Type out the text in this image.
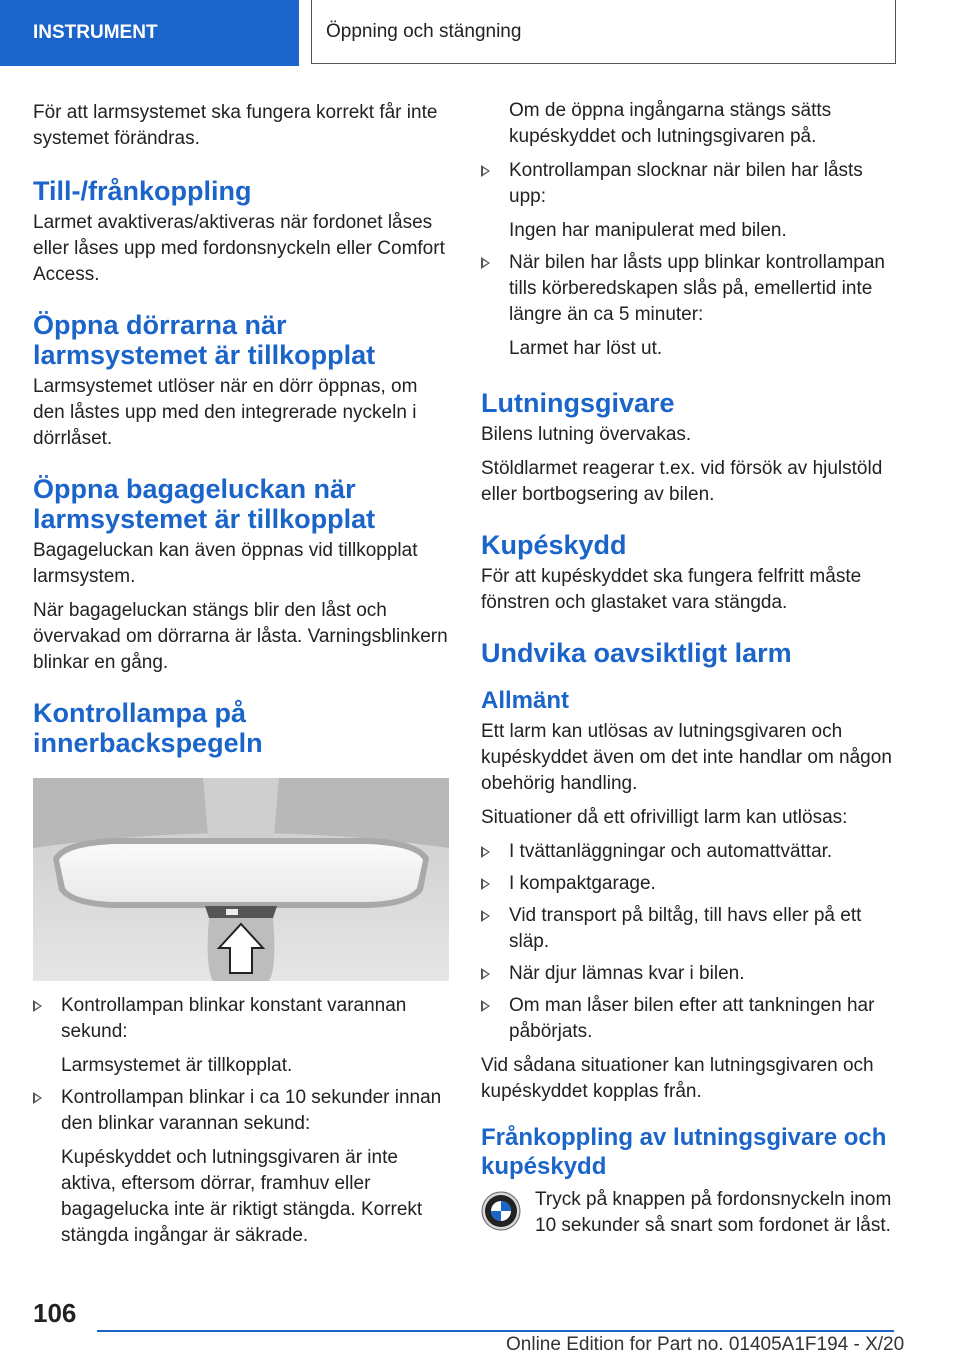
INSTRUMENT	Öppning och stängning

För att larmsystemet ska fungera korrekt får inte systemet förändras.

Till-/frånkoppling

Larmet avaktiveras/aktiveras när fordonet låses eller låses upp med fordonsnyckeln eller Comfort Access.

Öppna dörrarna när larmsystemet är tillkopplat

Larmsystemet utlöser när en dörr öppnas, om den låstes upp med den integrerade nyckeln i dörrlåset.

Öppna bagageluckan när larmsystemet är tillkopplat

Bagageluckan kan även öppnas vid tillkopplat larmsystem.

När bagageluckan stängs blir den låst och övervakad om dörrarna är låsta. Varningsblinkern blinkar en gång.

Kontrollampa på innerbackspegeln
Kontrollampan blinkar konstant varannan sekund:
Larmsystemet är tillkopplat.
Kontrollampan blinkar i ca 10 sekunder innan den blinkar varannan sekund:
Kupéskyddet och lutningsgivaren är inte aktiva, eftersom dörrar, framhuv eller bagagelucka inte är riktigt stängda. Korrekt stängda ingångar är säkrade.

Om de öppna ingångarna stängs sätts kupéskyddet och lutningsgivaren på.

Kontrollampan slocknar när bilen har låsts upp:
Ingen har manipulerat med bilen.
När bilen har låsts upp blinkar kontrollampan tills körberedskapen slås på, emellertid inte längre än ca 5 minuter:
Larmet har löst ut.
Lutningsgivare

Bilens lutning övervakas.

Stöldlarmet reagerar t.ex. vid försök av hjulstöld eller bortbogsering av bilen.

Kupéskydd

För att kupéskyddet ska fungera felfritt måste fönstren och glastaket vara stängda.

Undvika oavsiktligt larm
Allmänt

Ett larm kan utlösas av lutningsgivaren och kupéskyddet även om det inte handlar om någon obehörig handling.

Situationer då ett ofrivilligt larm kan utlösas:

I tvättanläggningar och automattvättar.
I kompaktgarage.
Vid transport på biltåg, till havs eller på ett släp.
När djur lämnas kvar i bilen.
Om man låser bilen efter att tankningen har påbörjats.

Vid sådana situationer kan lutningsgivaren och kupéskyddet kopplas från.

Frånkoppling av lutningsgivare och kupéskydd

Tryck på knappen på fordonsnyckeln inom 10 sekunder så snart som fordonet är låst.

106
Online Edition for Part no. 01405A1F194 - X/20
